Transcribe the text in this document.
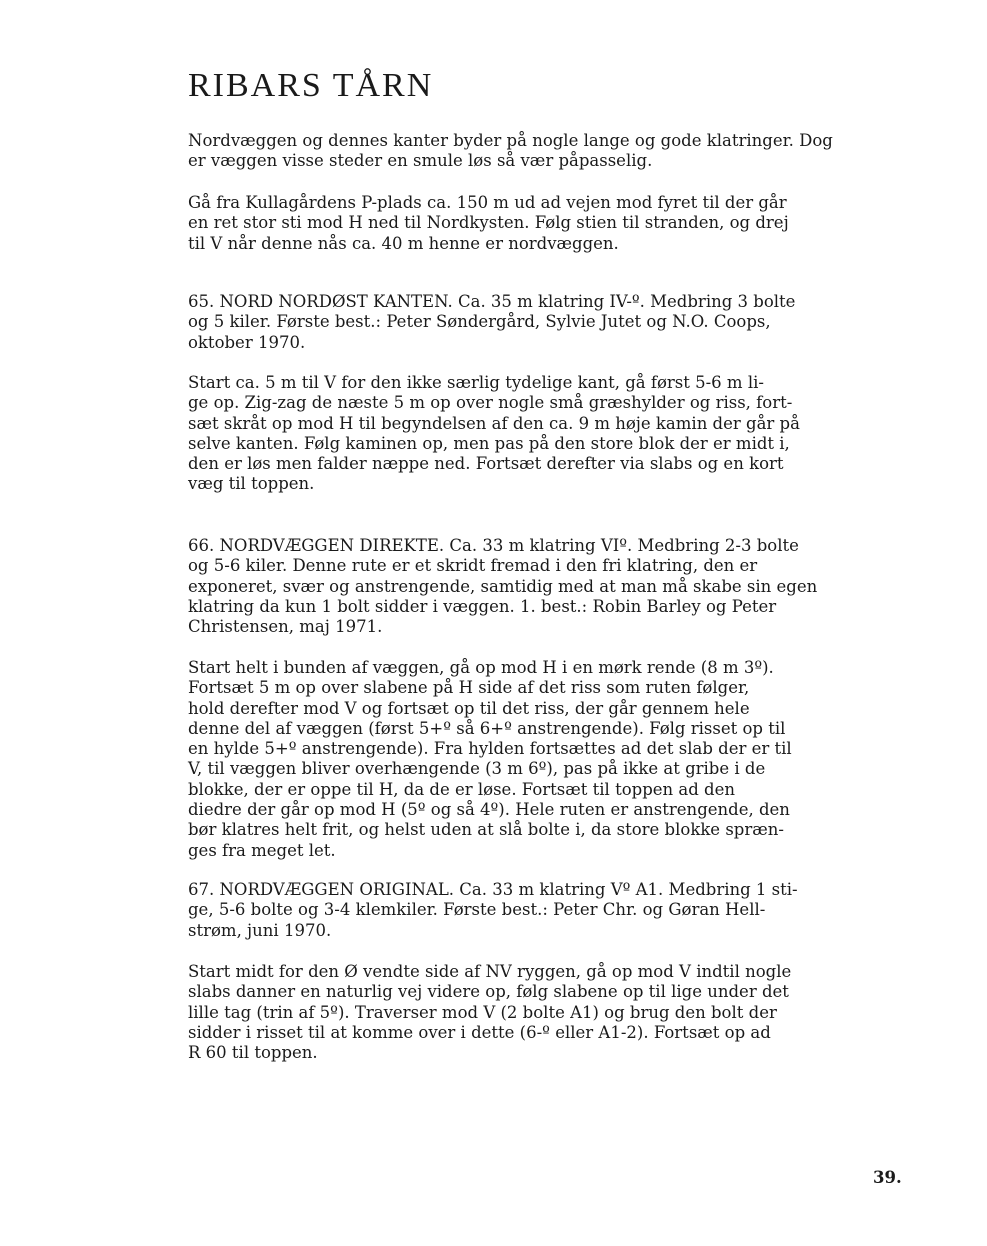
RIBARS TÅRN
Nordvæggen og dennes kanter byder på nogle lange og gode klatringer. Dog
er væggen visse steder en smule løs så vær påpasselig.
Gå fra Kullagårdens P-plads ca. 150 m ud ad vejen mod fyret til der går
en ret stor sti mod H ned til Nordkysten. Følg stien til stranden, og drej
til V når denne nås ca. 40 m henne er nordvæggen.
65. NORD NORDØST KANTEN. Ca. 35 m klatring IV-º. Medbring 3 bolte
og 5 kiler. Første best.: Peter Søndergård, Sylvie Jutet og N.O. Coops,
oktober 1970.
Start ca. 5 m til V for den ikke særlig tydelige kant, gå først 5-6 m li-
ge op. Zig-zag de næste 5 m op over nogle små græshylder og riss, fort-
sæt skråt op mod H til begyndelsen af den ca. 9 m høje kamin der går på
selve kanten. Følg kaminen op, men pas på den store blok der er midt i,
den er løs men falder næppe ned. Fortsæt derefter via slabs og en kort
væg til toppen.
66. NORDVÆGGEN DIREKTE. Ca. 33 m klatring VIº. Medbring 2-3 bolte
og 5-6 kiler. Denne rute er et skridt fremad i den fri klatring, den er
exponeret, svær og anstrengende, samtidig med at man må skabe sin egen
klatring da kun 1 bolt sidder i væggen. 1. best.: Robin Barley og Peter
Christensen, maj 1971.
Start helt i bunden af væggen, gå op mod H i en mørk rende (8 m 3º).
Fortsæt 5 m op over slabene på H side af det riss som ruten følger,
hold derefter mod V og fortsæt op til det riss, der går gennem hele
denne del af væggen (først 5+º så 6+º anstrengende). Følg risset op til
en hylde 5+º anstrengende). Fra hylden fortsættes ad det slab der er til
V, til væggen bliver overhængende (3 m 6º), pas på ikke at gribe i de
blokke, der er oppe til H, da de er løse. Fortsæt til toppen ad den
diedre der går op mod H (5º og så 4º). Hele ruten er anstrengende, den
bør klatres helt frit, og helst uden at slå bolte i, da store blokke spræn-
ges fra meget let.
67. NORDVÆGGEN ORIGINAL. Ca. 33 m klatring Vº A1. Medbring 1 sti-
ge, 5-6 bolte og 3-4 klemkiler. Første best.: Peter Chr. og Gøran Hell-
strøm, juni 1970.
Start midt for den Ø vendte side af NV ryggen, gå op mod V indtil nogle
slabs danner en naturlig vej videre op, følg slabene op til lige under det
lille tag (trin af 5º). Traverser mod V (2 bolte A1) og brug den bolt der
sidder i risset til at komme over i dette (6-º eller A1-2). Fortsæt op ad
R 60 til toppen.
39.
